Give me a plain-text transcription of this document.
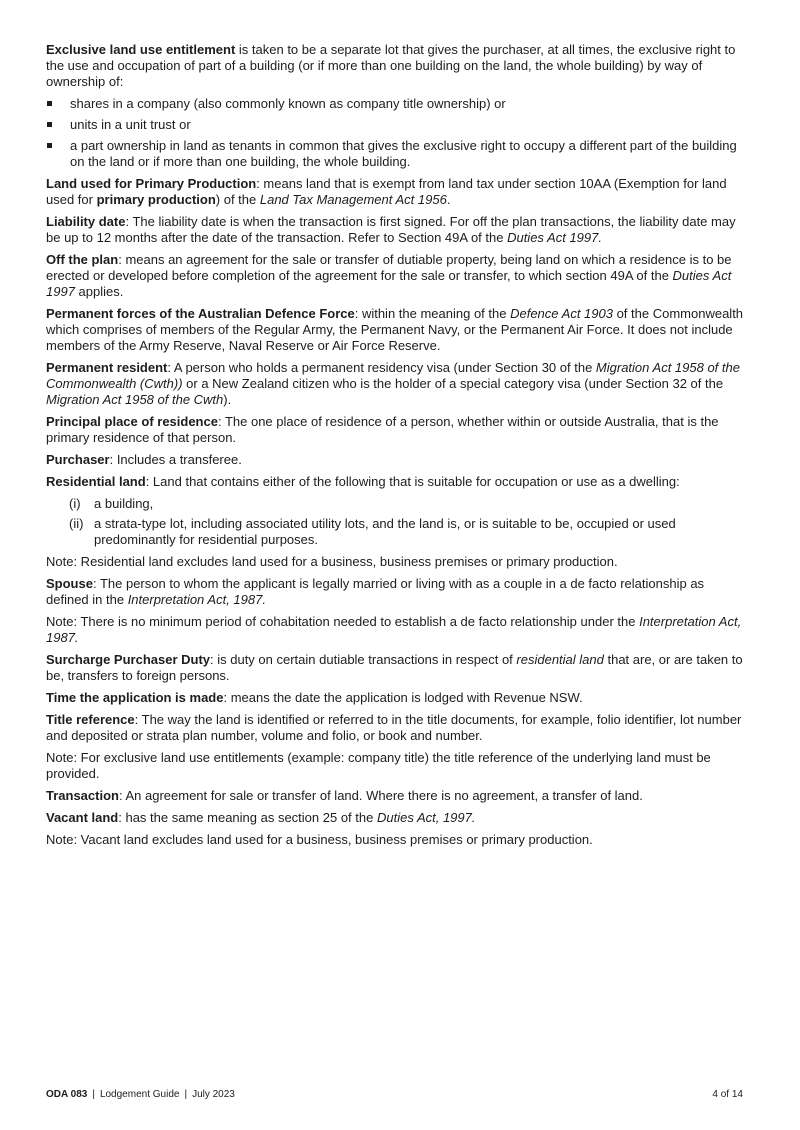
Exclusive land use entitlement is taken to be a separate lot that gives the purchaser, at all times, the exclusive right to the use and occupation of part of a building (or if more than one building on the land, the whole building) by way of ownership of:

shares in a company (also commonly known as company title ownership) or
units in a unit trust or
a part ownership in land as tenants in common that gives the exclusive right to occupy a different part of the building on the land or if more than one building, the whole building.

Land used for Primary Production: means land that is exempt from land tax under section 10AA (Exemption for land used for primary production) of the Land Tax Management Act 1956.

Liability date: The liability date is when the transaction is first signed. For off the plan transactions, the liability date may be up to 12 months after the date of the transaction. Refer to Section 49A of the Duties Act 1997.

Off the plan: means an agreement for the sale or transfer of dutiable property, being land on which a residence is to be erected or developed before completion of the agreement for the sale or transfer, to which section 49A of the Duties Act 1997 applies.

Permanent forces of the Australian Defence Force: within the meaning of the Defence Act 1903 of the Commonwealth which comprises of members of the Regular Army, the Permanent Navy, or the Permanent Air Force. It does not include members of the Army Reserve, Naval Reserve or Air Force Reserve.

Permanent resident: A person who holds a permanent residency visa (under Section 30 of the Migration Act 1958 of the Commonwealth (Cwth)) or a New Zealand citizen who is the holder of a special category visa (under Section 32 of the Migration Act 1958 of the Cwth).

Principal place of residence: The one place of residence of a person, whether within or outside Australia, that is the primary residence of that person.

Purchaser: Includes a transferee.

Residential land: Land that contains either of the following that is suitable for occupation or use as a dwelling:

(i) a building,
(ii) a strata-type lot, including associated utility lots, and the land is, or is suitable to be, occupied or used predominantly for residential purposes.

Note: Residential land excludes land used for a business, business premises or primary production.

Spouse: The person to whom the applicant is legally married or living with as a couple in a de facto relationship as defined in the Interpretation Act, 1987.

Note: There is no minimum period of cohabitation needed to establish a de facto relationship under the Interpretation Act, 1987.

Surcharge Purchaser Duty: is duty on certain dutiable transactions in respect of residential land that are, or are taken to be, transfers to foreign persons.

Time the application is made: means the date the application is lodged with Revenue NSW.

Title reference: The way the land is identified or referred to in the title documents, for example, folio identifier, lot number and deposited or strata plan number, volume and folio, or book and number.

Note: For exclusive land use entitlements (example: company title) the title reference of the underlying land must be provided.

Transaction: An agreement for sale or transfer of land. Where there is no agreement, a transfer of land.

Vacant land: has the same meaning as section 25 of the Duties Act, 1997.

Note: Vacant land excludes land used for a business, business premises or primary production.

ODA 083 | Lodgement Guide | July 2023	4 of 14
